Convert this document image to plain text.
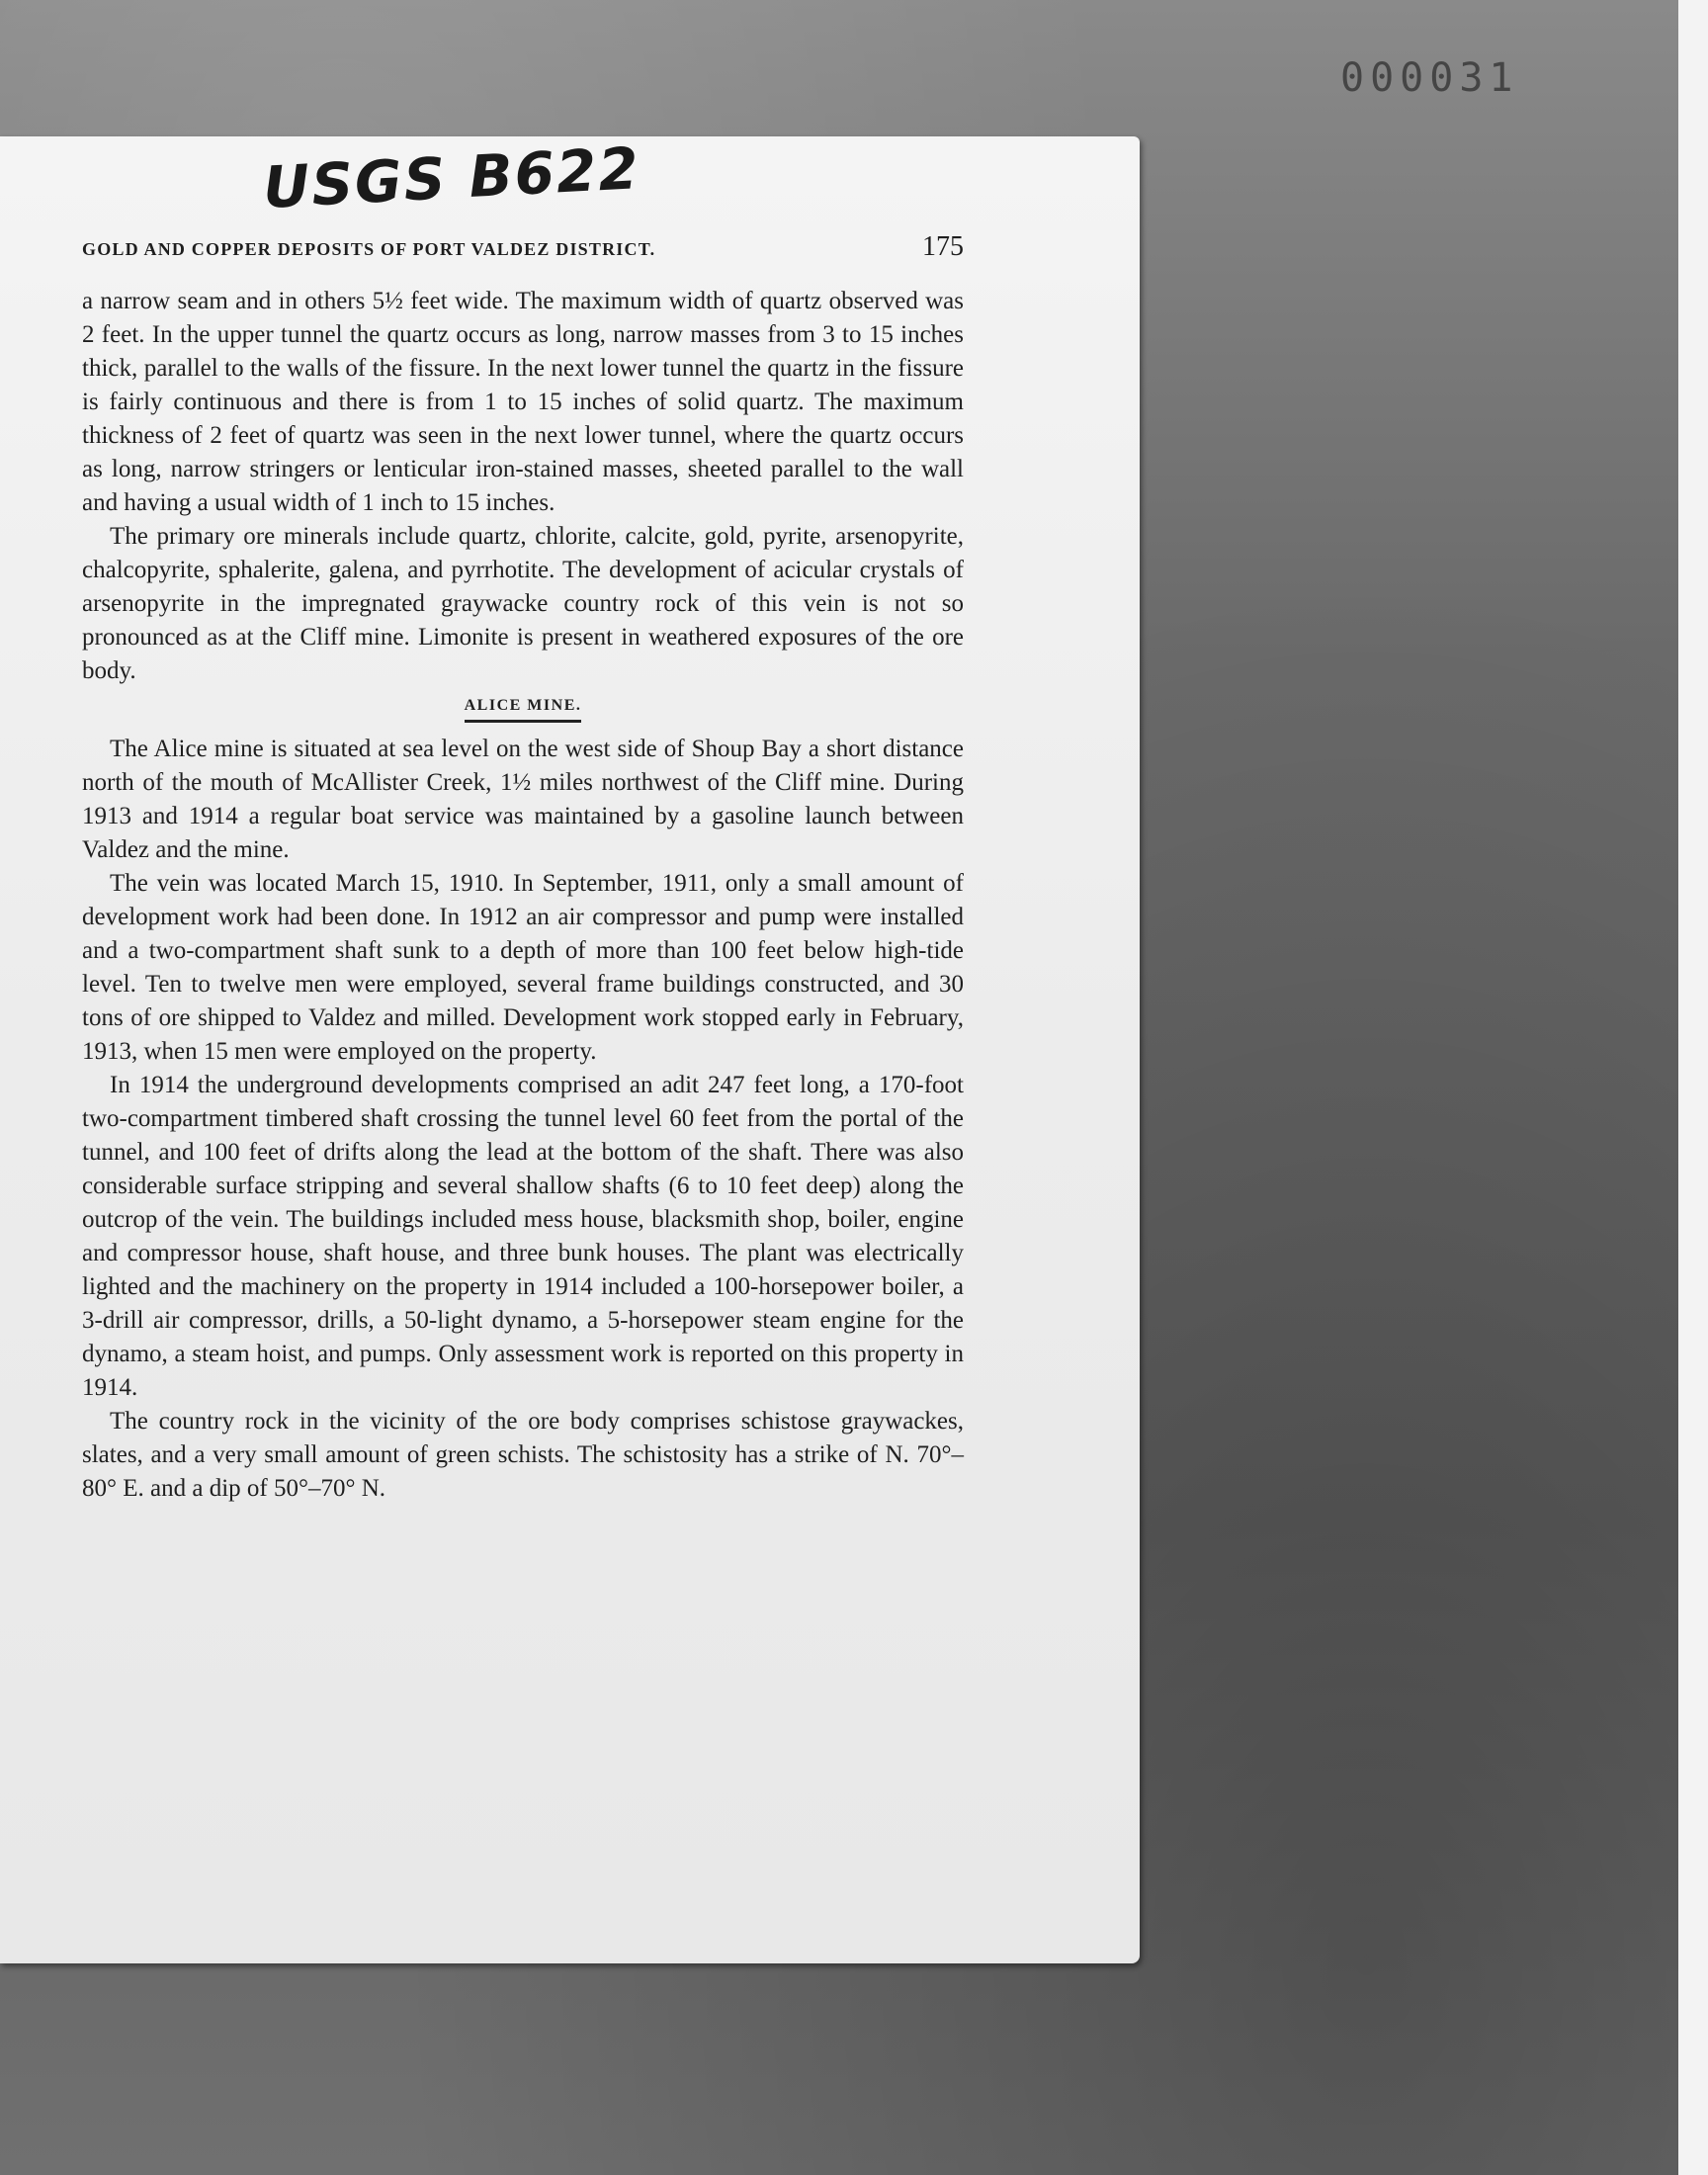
000031
USGS B622
GOLD AND COPPER DEPOSITS OF PORT VALDEZ DISTRICT.	175

a narrow seam and in others 5½ feet wide. The maximum width of quartz observed was 2 feet. In the upper tunnel the quartz occurs as long, narrow masses from 3 to 15 inches thick, parallel to the walls of the fissure. In the next lower tunnel the quartz in the fissure is fairly continuous and there is from 1 to 15 inches of solid quartz. The maximum thickness of 2 feet of quartz was seen in the next lower tunnel, where the quartz occurs as long, narrow stringers or lenticular iron-stained masses, sheeted parallel to the wall and having a usual width of 1 inch to 15 inches.

The primary ore minerals include quartz, chlorite, calcite, gold, pyrite, arsenopyrite, chalcopyrite, sphalerite, galena, and pyrrhotite. The development of acicular crystals of arsenopyrite in the impregnated graywacke country rock of this vein is not so pronounced as at the Cliff mine. Limonite is present in weathered exposures of the ore body.

ALICE MINE.

The Alice mine is situated at sea level on the west side of Shoup Bay a short distance north of the mouth of McAllister Creek, 1½ miles northwest of the Cliff mine. During 1913 and 1914 a regular boat service was maintained by a gasoline launch between Valdez and the mine.

The vein was located March 15, 1910. In September, 1911, only a small amount of development work had been done. In 1912 an air compressor and pump were installed and a two-compartment shaft sunk to a depth of more than 100 feet below high-tide level. Ten to twelve men were employed, several frame buildings constructed, and 30 tons of ore shipped to Valdez and milled. Development work stopped early in February, 1913, when 15 men were employed on the property.

In 1914 the underground developments comprised an adit 247 feet long, a 170-foot two-compartment timbered shaft crossing the tunnel level 60 feet from the portal of the tunnel, and 100 feet of drifts along the lead at the bottom of the shaft. There was also considerable surface stripping and several shallow shafts (6 to 10 feet deep) along the outcrop of the vein. The buildings included mess house, blacksmith shop, boiler, engine and compressor house, shaft house, and three bunk houses. The plant was electrically lighted and the machinery on the property in 1914 included a 100-horsepower boiler, a 3-drill air compressor, drills, a 50-light dynamo, a 5-horsepower steam engine for the dynamo, a steam hoist, and pumps. Only assessment work is reported on this property in 1914.

The country rock in the vicinity of the ore body comprises schistose graywackes, slates, and a very small amount of green schists. The schistosity has a strike of N. 70°–80° E. and a dip of 50°–70° N.
